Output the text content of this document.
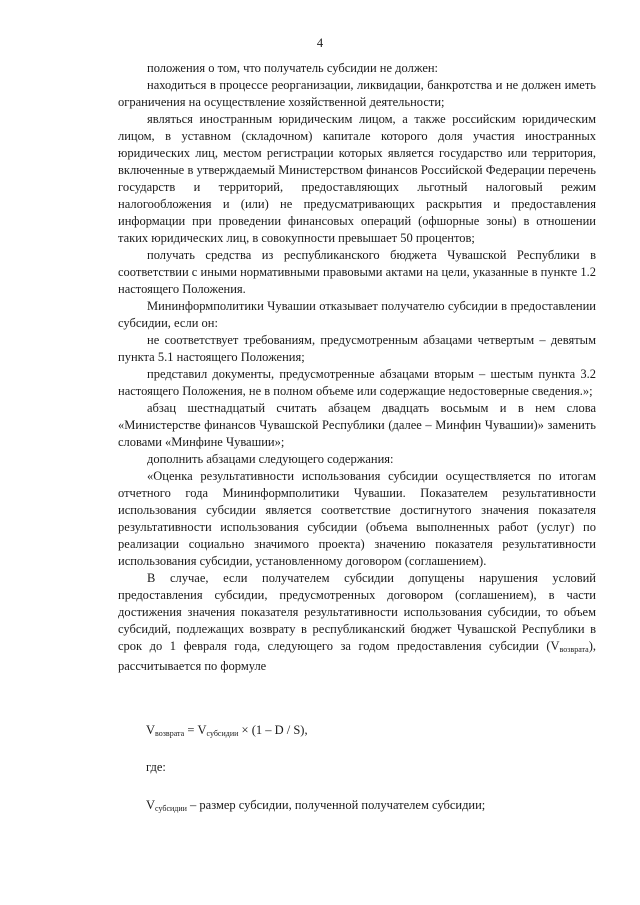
4

положения о том, что получатель субсидии не должен:

находиться в процессе реорганизации, ликвидации, банкротства и не должен иметь ограничения на осуществление хозяйственной деятельности;

являться иностранным юридическим лицом, а также российским юридическим лицом, в уставном (складочном) капитале которого доля участия иностранных юридических лиц, местом регистрации которых является государство или территория, включенные в утверждаемый Министерством финансов Российской Федерации перечень государств и территорий, предоставляющих льготный налоговый режим налогообложения и (или) не предусматривающих раскрытия и предоставления информации при проведении финансовых операций (офшорные зоны) в отношении таких юридических лиц, в совокупности превышает 50 процентов;

получать средства из республиканского бюджета Чувашской Республики в соответствии с иными нормативными правовыми актами на цели, указанные в пункте 1.2 настоящего Положения.

Мининформполитики Чувашии отказывает получателю субсидии в предоставлении субсидии, если он:

не соответствует требованиям, предусмотренным абзацами четвертым – девятым пункта 5.1 настоящего Положения;

представил документы, предусмотренные абзацами вторым – шестым пункта 3.2 настоящего Положения, не в полном объеме или содержащие недостоверные сведения.»;

абзац шестнадцатый считать абзацем двадцать восьмым и в нем слова «Министерстве финансов Чувашской Республики (далее – Минфин Чувашии)» заменить словами «Минфине Чувашии»;

дополнить абзацами следующего содержания:

«Оценка результативности использования субсидии осуществляется по итогам отчетного года Мининформполитики Чувашии. Показателем результативности использования субсидии является соответствие достигнутого значения показателя результативности использования субсидии (объема выполненных работ (услуг) по реализации социально значимого проекта) значению показателя результативности использования субсидии, установленному договором (соглашением).

В случае, если получателем субсидии допущены нарушения условий предоставления субсидии, предусмотренных договором (соглашением), в части достижения значения показателя результативности использования субсидии, то объем субсидий, подлежащих возврату в республиканский бюджет Чувашской Республики в срок до 1 февраля года, следующего за годом предоставления субсидии $(V_{возврата})$, рассчитывается по формуле

$V_{возврата} = V_{субсидии} \times (1 - D / S)$,
где:
$V_{субсидии}$ – размер субсидии, полученной получателем субсидии;
